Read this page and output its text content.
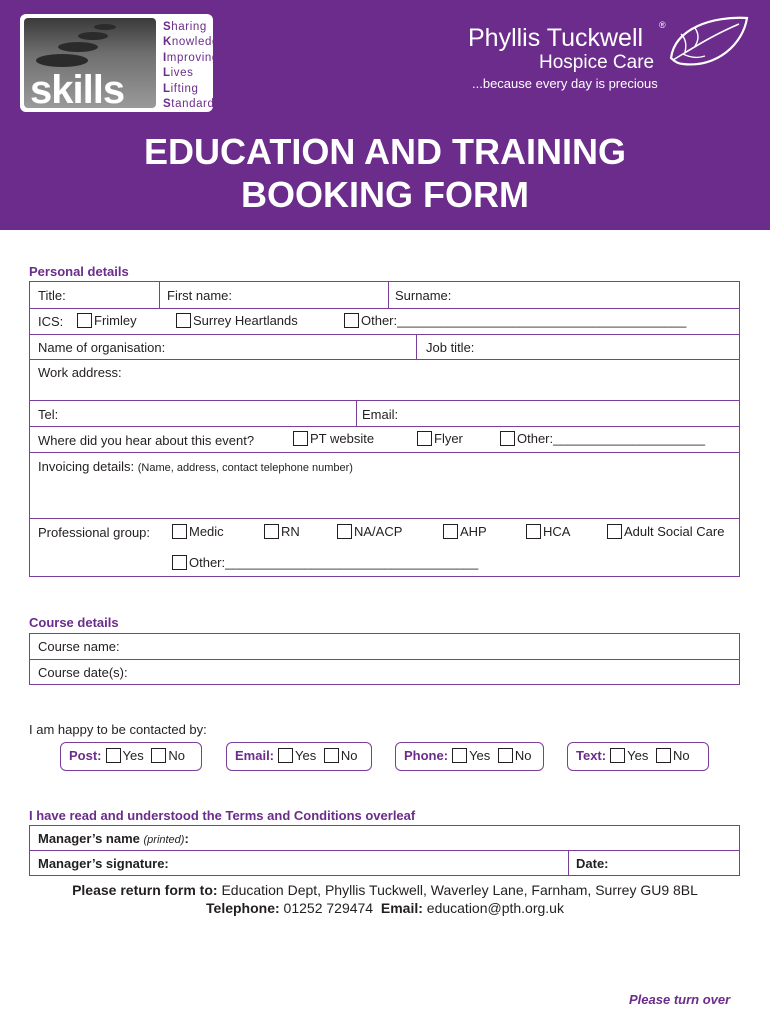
skills
Sharing
Knowledge
Improving
Lives
Lifting
Standards
Phyllis Tuckwell ®
Hospice Care
...because every day is precious
EDUCATION AND TRAINING
BOOKING FORM
Personal details
Title:	First name:	Surname:
ICS:	Frimley	Surrey Heartlands	Other:________________________________________
Name of organisation:	Job title:
Work address:
Tel:	Email:
Where did you hear about this event?	PT website	Flyer	Other:_____________________
Invoicing details: (Name, address, contact telephone number)
Professional group:	Medic	RN	NA/ACP	AHP	HCA	Adult Social Care
Other:___________________________________
Course details
Course name:
Course date(s):
I am happy to be contacted by:
Post: Yes No	Email: Yes No	Phone: Yes No	Text: Yes No
I have read and understood the Terms and Conditions overleaf
Manager’s name (printed):
Manager’s signature:	Date:
Please return form to: Education Dept, Phyllis Tuckwell, Waverley Lane, Farnham, Surrey GU9 8BL
Telephone: 01252 729474 Email: education@pth.org.uk
Please turn over
